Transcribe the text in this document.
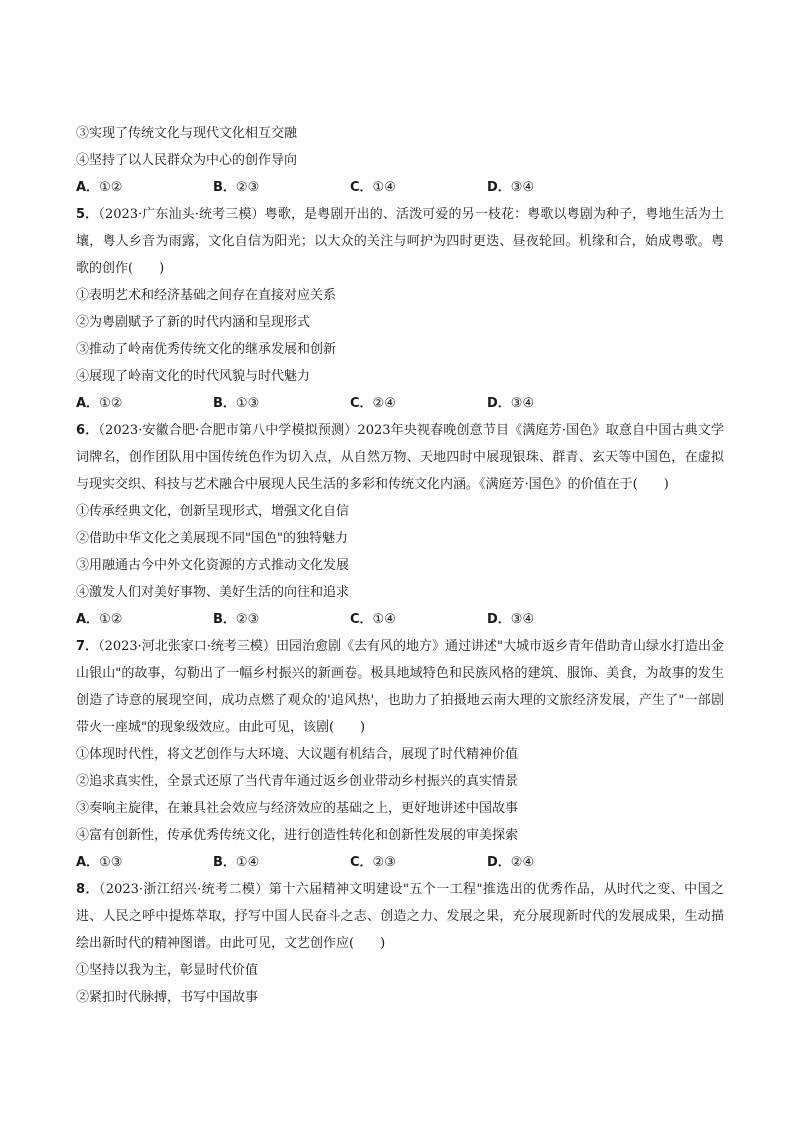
③实现了传统文化与现代文化相互交融
④坚持了以人民群众为中心的创作导向
A．①②	B．②③	C．①④	D．③④
5．（2023·广东汕头·统考三模）粤歌，是粤剧开出的、活泼可爱的另一枝花：粤歌以粤剧为种子，粤地生活为土壤，粤人乡音为雨露，文化自信为阳光；以大众的关注与呵护为四时更迭、昼夜轮回。机缘和合，始成粤歌。粤歌的创作(　　)
①表明艺术和经济基础之间存在直接对应关系
②为粤剧赋予了新的时代内涵和呈现形式
③推动了岭南优秀传统文化的继承发展和创新
④展现了岭南文化的时代风貌与时代魅力
A．①②	B．①③	C．②④	D．③④
6．（2023·安徽合肥·合肥市第八中学模拟预测）2023年央视春晚创意节目《满庭芳·国色》取意自中国古典文学词牌名，创作团队用中国传统色作为切入点，从自然万物、天地四时中展现银珠、群青、玄天等中国色，在虚拟与现实交织、科技与艺术融合中展现人民生活的多彩和传统文化内涵。《满庭芳·国色》的价值在于(　　)
①传承经典文化，创新呈现形式，增强文化自信
②借助中华文化之美展现不同"国色"的独特魅力
③用融通古今中外文化资源的方式推动文化发展
④激发人们对美好事物、美好生活的向往和追求
A．①②	B．②③	C．①④	D．③④
7．（2023·河北张家口·统考三模）田园治愈剧《去有风的地方》通过讲述"大城市返乡青年借助青山绿水打造出金山银山"的故事，勾勒出了一幅乡村振兴的新画卷。极具地域特色和民族风格的建筑、服饰、美食，为故事的发生创造了诗意的展现空间，成功点燃了观众的'追风热'，也助力了拍摄地云南大理的文旅经济发展，产生了"一部剧带火一座城"的现象级效应。由此可见，该剧(　　)
①体现时代性，将文艺创作与大环境、大议题有机结合，展现了时代精神价值
②追求真实性，全景式还原了当代青年通过返乡创业带动乡村振兴的真实情景
③奏响主旋律，在兼具社会效应与经济效应的基础之上，更好地讲述中国故事
④富有创新性，传承优秀传统文化，进行创造性转化和创新性发展的审美探索
A．①③	B．①④	C．②③	D．②④
8．（2023·浙江绍兴·统考二模）第十六届精神文明建设"五个一工程"推选出的优秀作品，从时代之变、中国之进、人民之呼中提炼萃取，抒写中国人民奋斗之志、创造之力、发展之果，充分展现新时代的发展成果，生动描绘出新时代的精神图谱。由此可见，文艺创作应(　　)
①坚持以我为主，彰显时代价值
②紧扣时代脉搏，书写中国故事
